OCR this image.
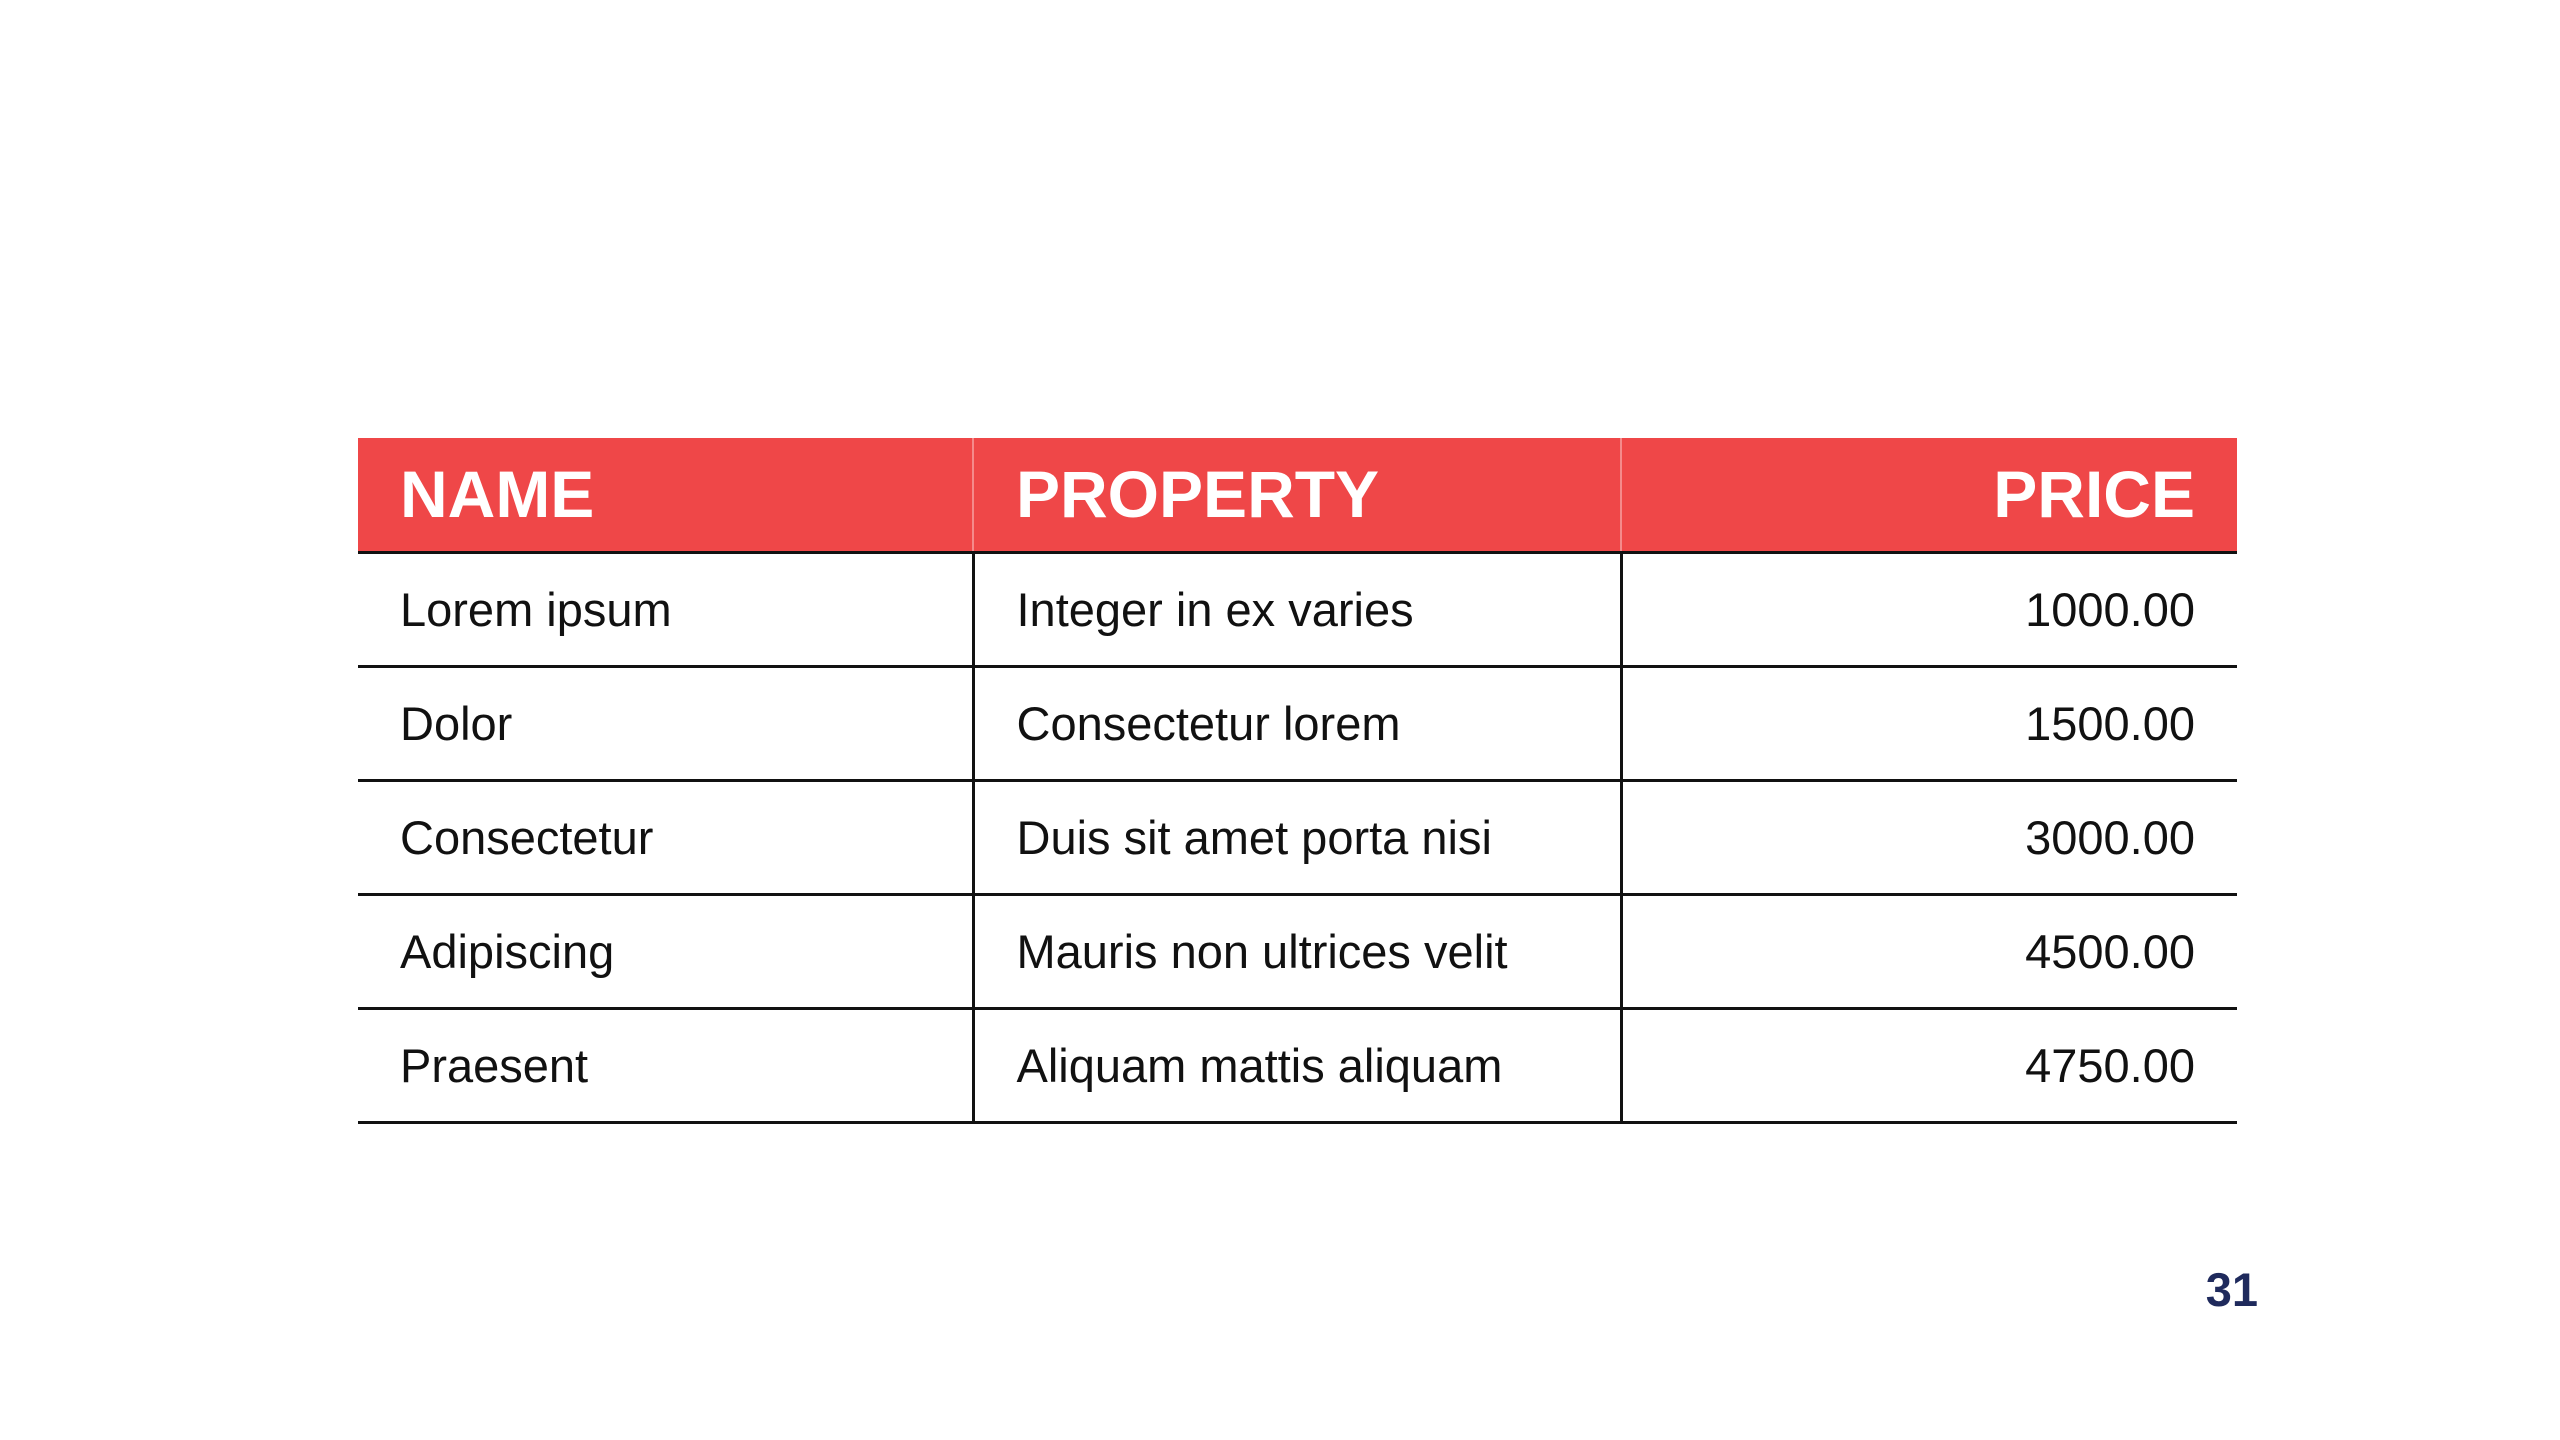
NAME	PROPERTY	PRICE
Lorem ipsum	Integer in ex varies	1000.00
Dolor	Consectetur lorem	1500.00
Consectetur	Duis sit amet porta nisi	3000.00
Adipiscing	Mauris non ultrices velit	4500.00
Praesent	Aliquam mattis aliquam	4750.00
31
